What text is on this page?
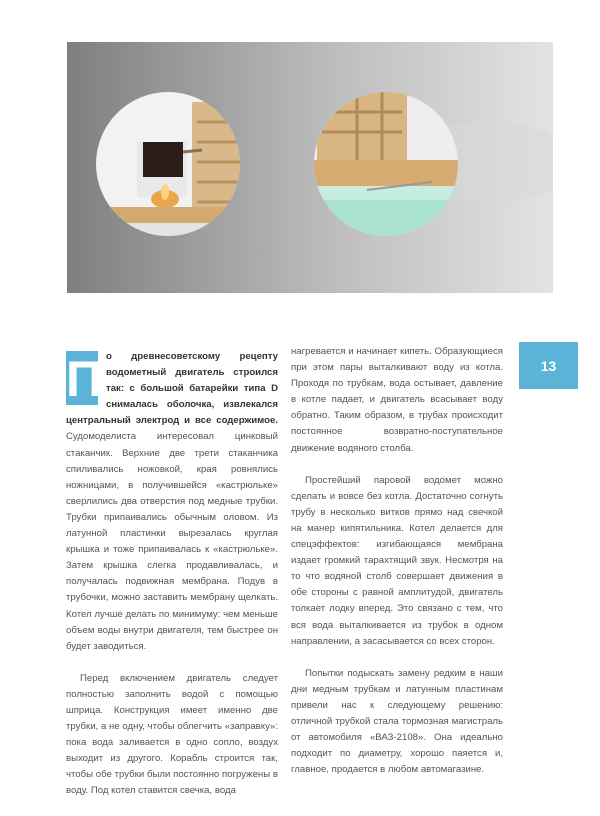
13

П о древнесоветскому рецепту водометный двигатель строился так: с большой батарейки типа D снималась оболочка, извлекался центральный электрод и все содержимое. Судомоделиста интересовал цинковый стаканчик. Верхние две трети стаканчика спиливались ножовкой, края ровнялись ножницами, в получившейся «кастрюльке» сверлились два отверстия под медные трубки. Трубки припаивались обычным оловом. Из латунной пластинки вырезалась круглая крышка и тоже припаивалась к «кастрюльке». Затем крышка слегка продавливалась, и получалась подвижная мембрана. Подув в трубочки, можно заставить мембрану щелкать. Котел лучше делать по минимуму: чем меньше объем воды внутри двигателя, тем быстрее он будет заводиться.

Перед включением двигатель следует полностью заполнить водой с помощью шприца. Конструкция имеет именно две трубки, а не одну, чтобы облегчить «заправку»: пока вода заливается в одно сопло, воздух выходит из другого. Корабль строится так, чтобы обе трубки были постоянно погружены в воду. Под котел ставится свечка, вода

нагревается и начинает кипеть. Образующиеся при этом пары выталкивают воду из котла. Проходя по трубкам, вода остывает, давление в котле падает, и двигатель всасывает воду обратно. Таким образом, в трубах происходит постоянное возвратно-поступательное движение водяного столба.

Простейший паровой водомет можно сделать и вовсе без котла. Достаточно согнуть трубу в несколько витков прямо над свечкой на манер кипятильника. Котел делается для спецэффектов: изгибающаяся мембрана издает громкий тарахтящий звук. Несмотря на то что водяной столб совершает движения в обе стороны с равной амплитудой, двигатель толкает лодку вперед. Это связано с тем, что вся вода выталкивается из трубок в одном направлении, а засасывается со всех сторон.

Попытки подыскать замену редким в наши дни медным трубкам и латунным пластинам привели нас к следующему решению: отличной трубкой стала тормозная магистраль от автомобиля «ВАЗ-2108». Она идеально подходит по диаметру, хорошо паяется и, главное, продается в любом автомагазине.
